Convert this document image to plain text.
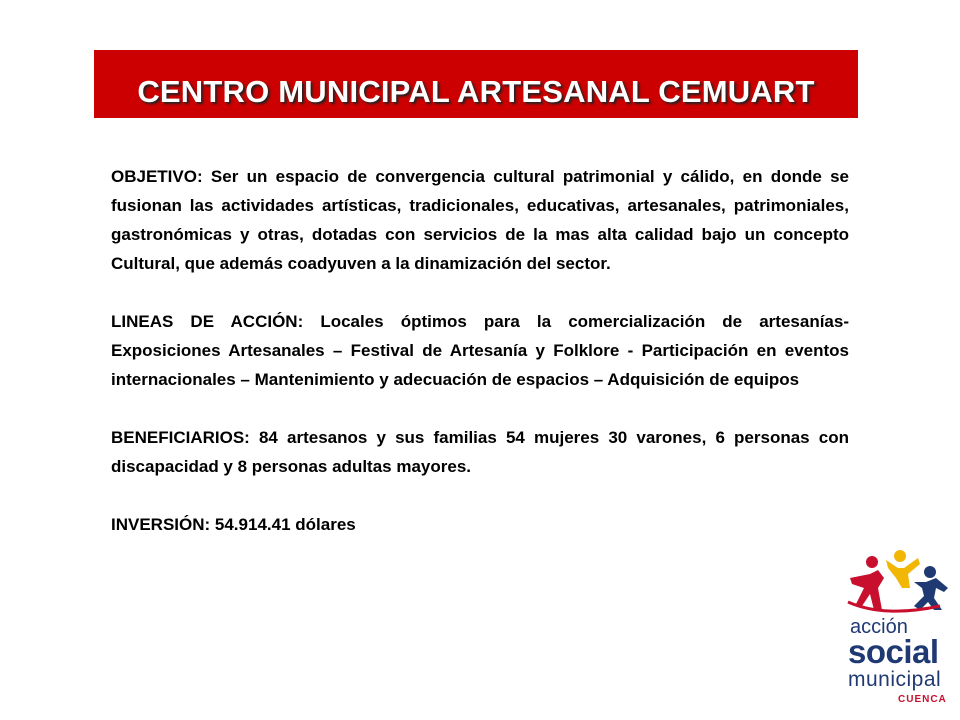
CENTRO MUNICIPAL ARTESANAL CEMUART

OBJETIVO: Ser un espacio de convergencia cultural patrimonial y cálido, en donde se fusionan las actividades artísticas, tradicionales, educativas, artesanales, patrimoniales, gastronómicas y otras, dotadas con servicios de la mas alta calidad bajo un concepto Cultural, que además coadyuven a la dinamización del sector.

LINEAS DE ACCIÓN: Locales óptimos para la comercialización de artesanías- Exposiciones Artesanales – Festival de Artesanía y Folklore - Participación en eventos internacionales – Mantenimiento y adecuación de espacios – Adquisición de equipos

BENEFICIARIOS: 84 artesanos y sus familias 54 mujeres 30 varones, 6 personas con discapacidad y 8 personas adultas mayores.

INVERSIÓN: 54.914.41 dólares

acción
social
municipal
CUENCA
